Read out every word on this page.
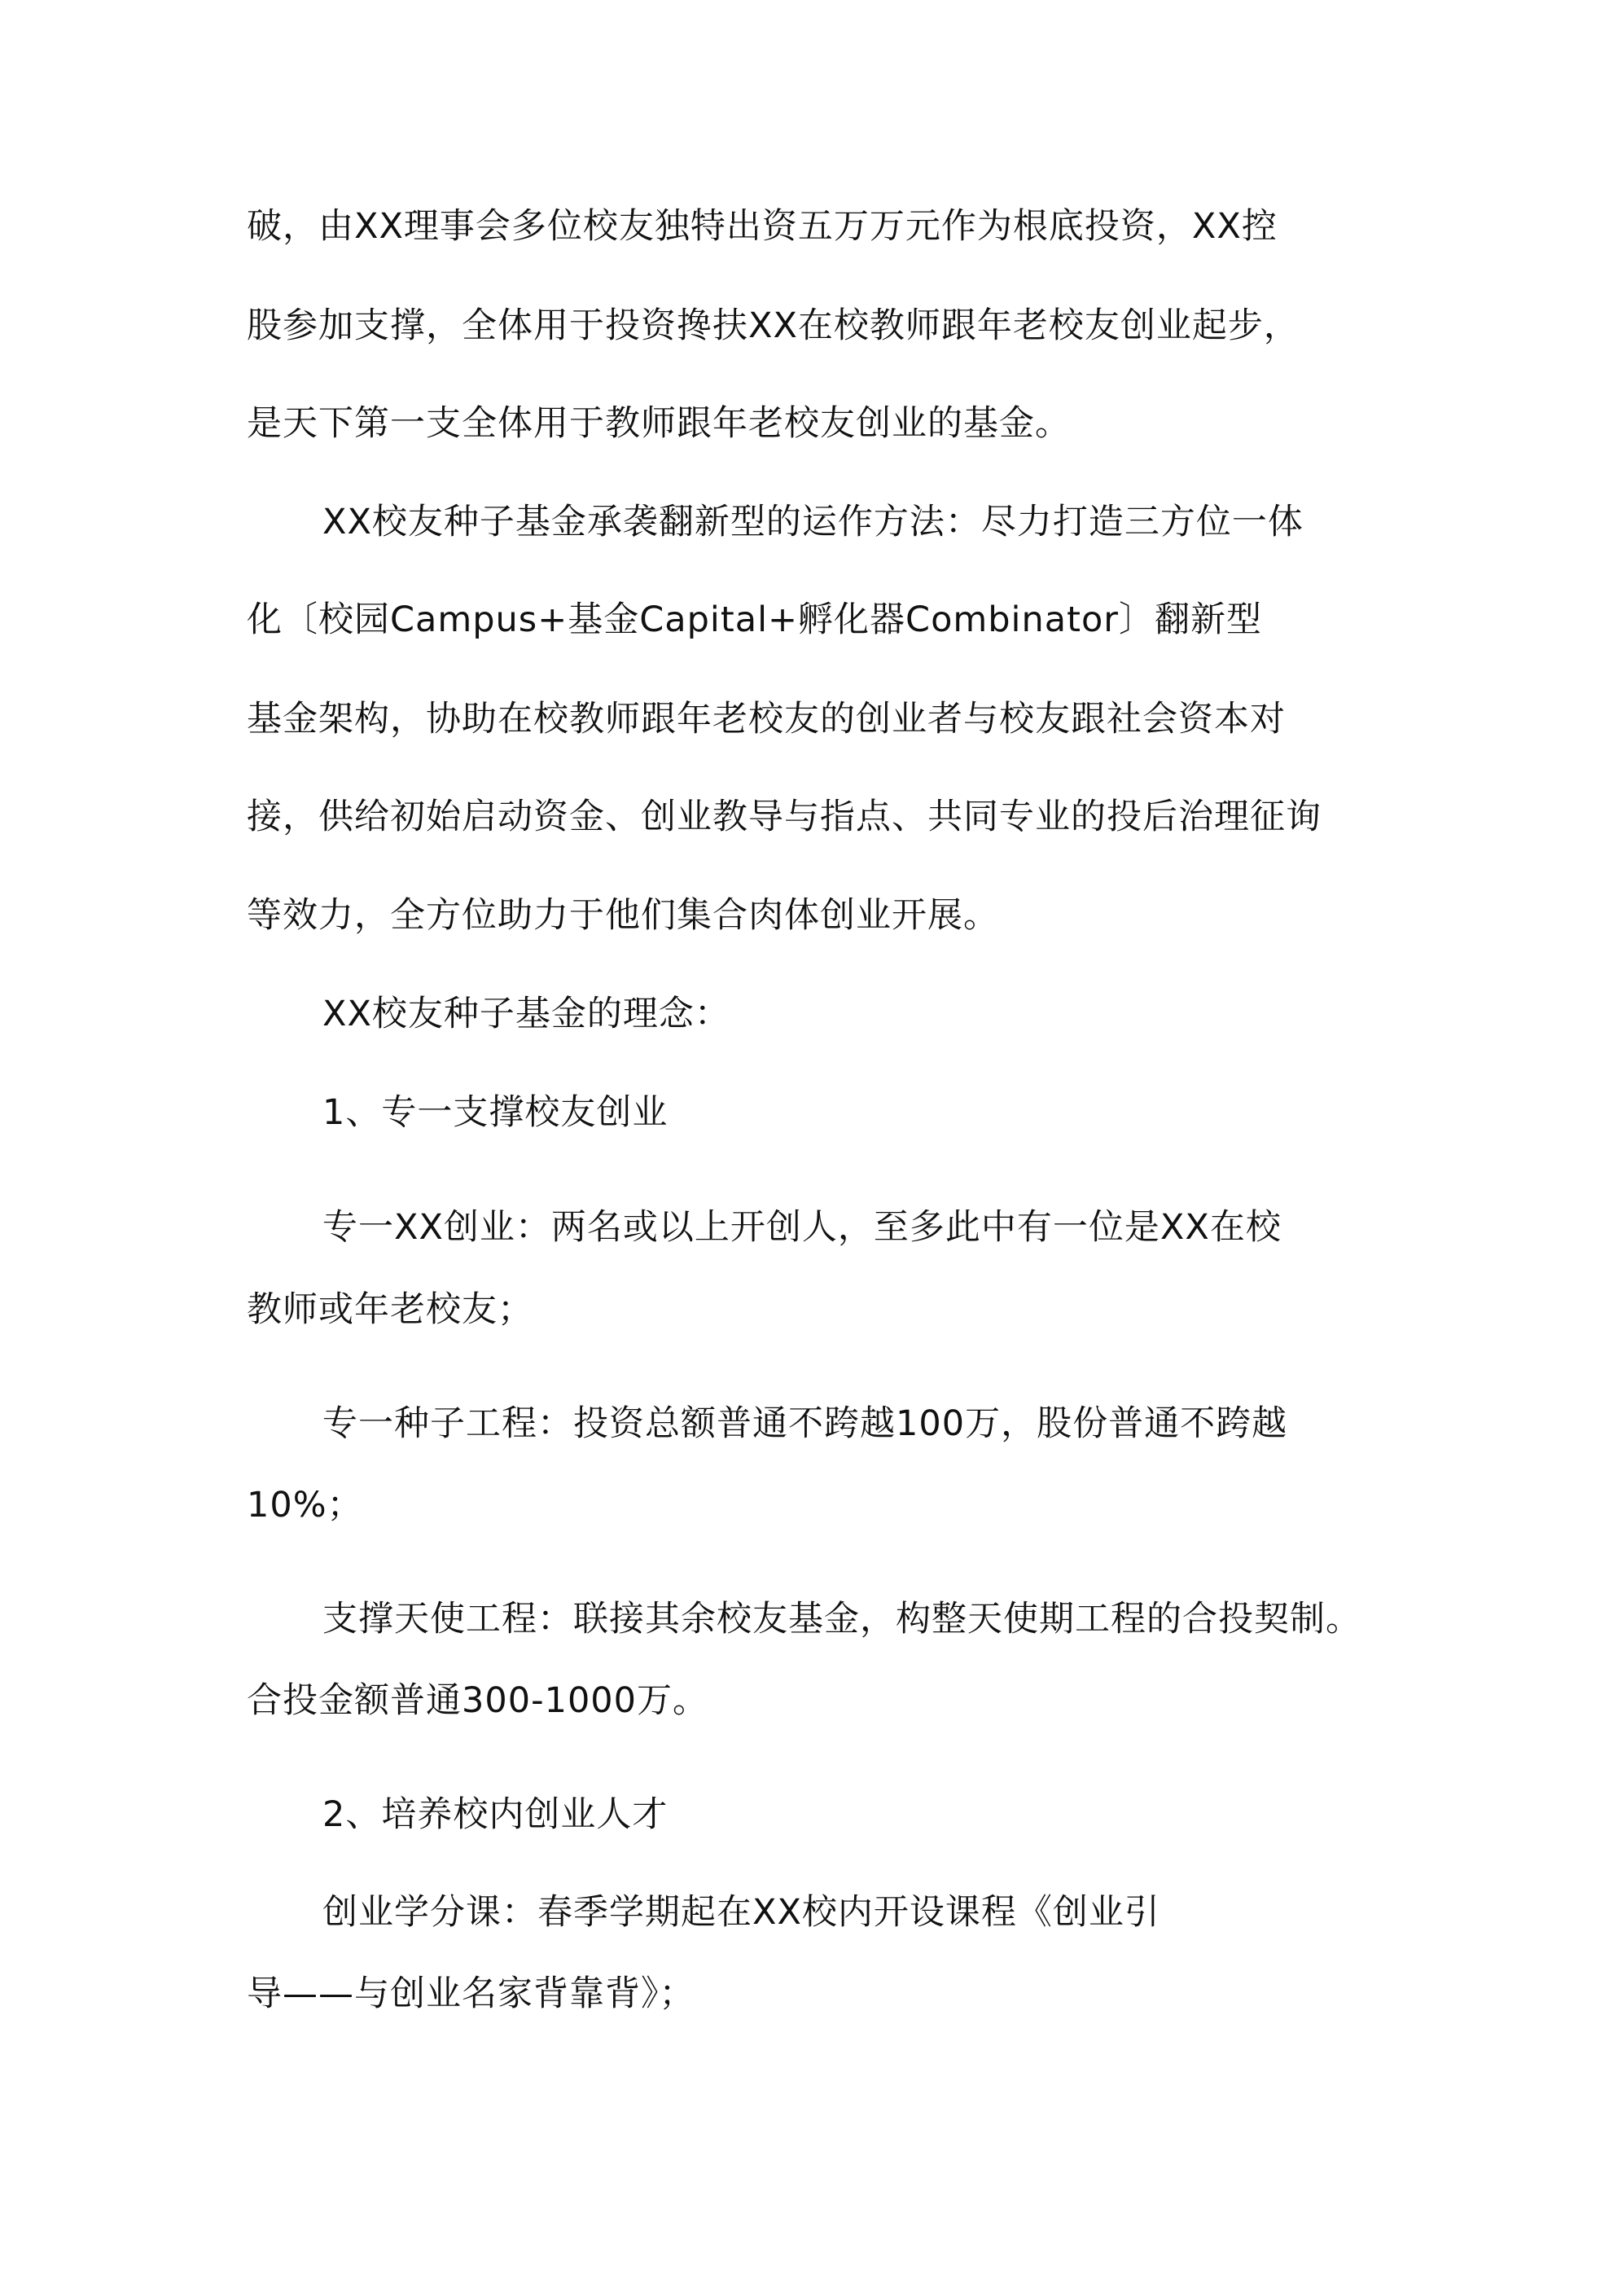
破，由XX理事会多位校友独特出资五万万元作为根底投资，XX控
股参加支撑，全体用于投资搀扶XX在校教师跟年老校友创业起步，
是天下第一支全体用于教师跟年老校友创业的基金。
XX校友种子基金承袭翻新型的运作方法：尽力打造三方位一体
化〔校园Campus+基金Capital+孵化器Combinator〕翻新型
基金架构，协助在校教师跟年老校友的创业者与校友跟社会资本对
接，供给初始启动资金、创业教导与指点、共同专业的投后治理征询
等效力，全方位助力于他们集合肉体创业开展。
XX校友种子基金的理念：
1、专一支撑校友创业
专一XX创业：两名或以上开创人，至多此中有一位是XX在校
教师或年老校友；
专一种子工程：投资总额普通不跨越100万，股份普通不跨越
10%；
支撑天使工程：联接其余校友基金，构整天使期工程的合投契制。
合投金额普通300-1000万。
2、培养校内创业人才
创业学分课：春季学期起在XX校内开设课程《创业引
导——与创业名家背靠背》；
